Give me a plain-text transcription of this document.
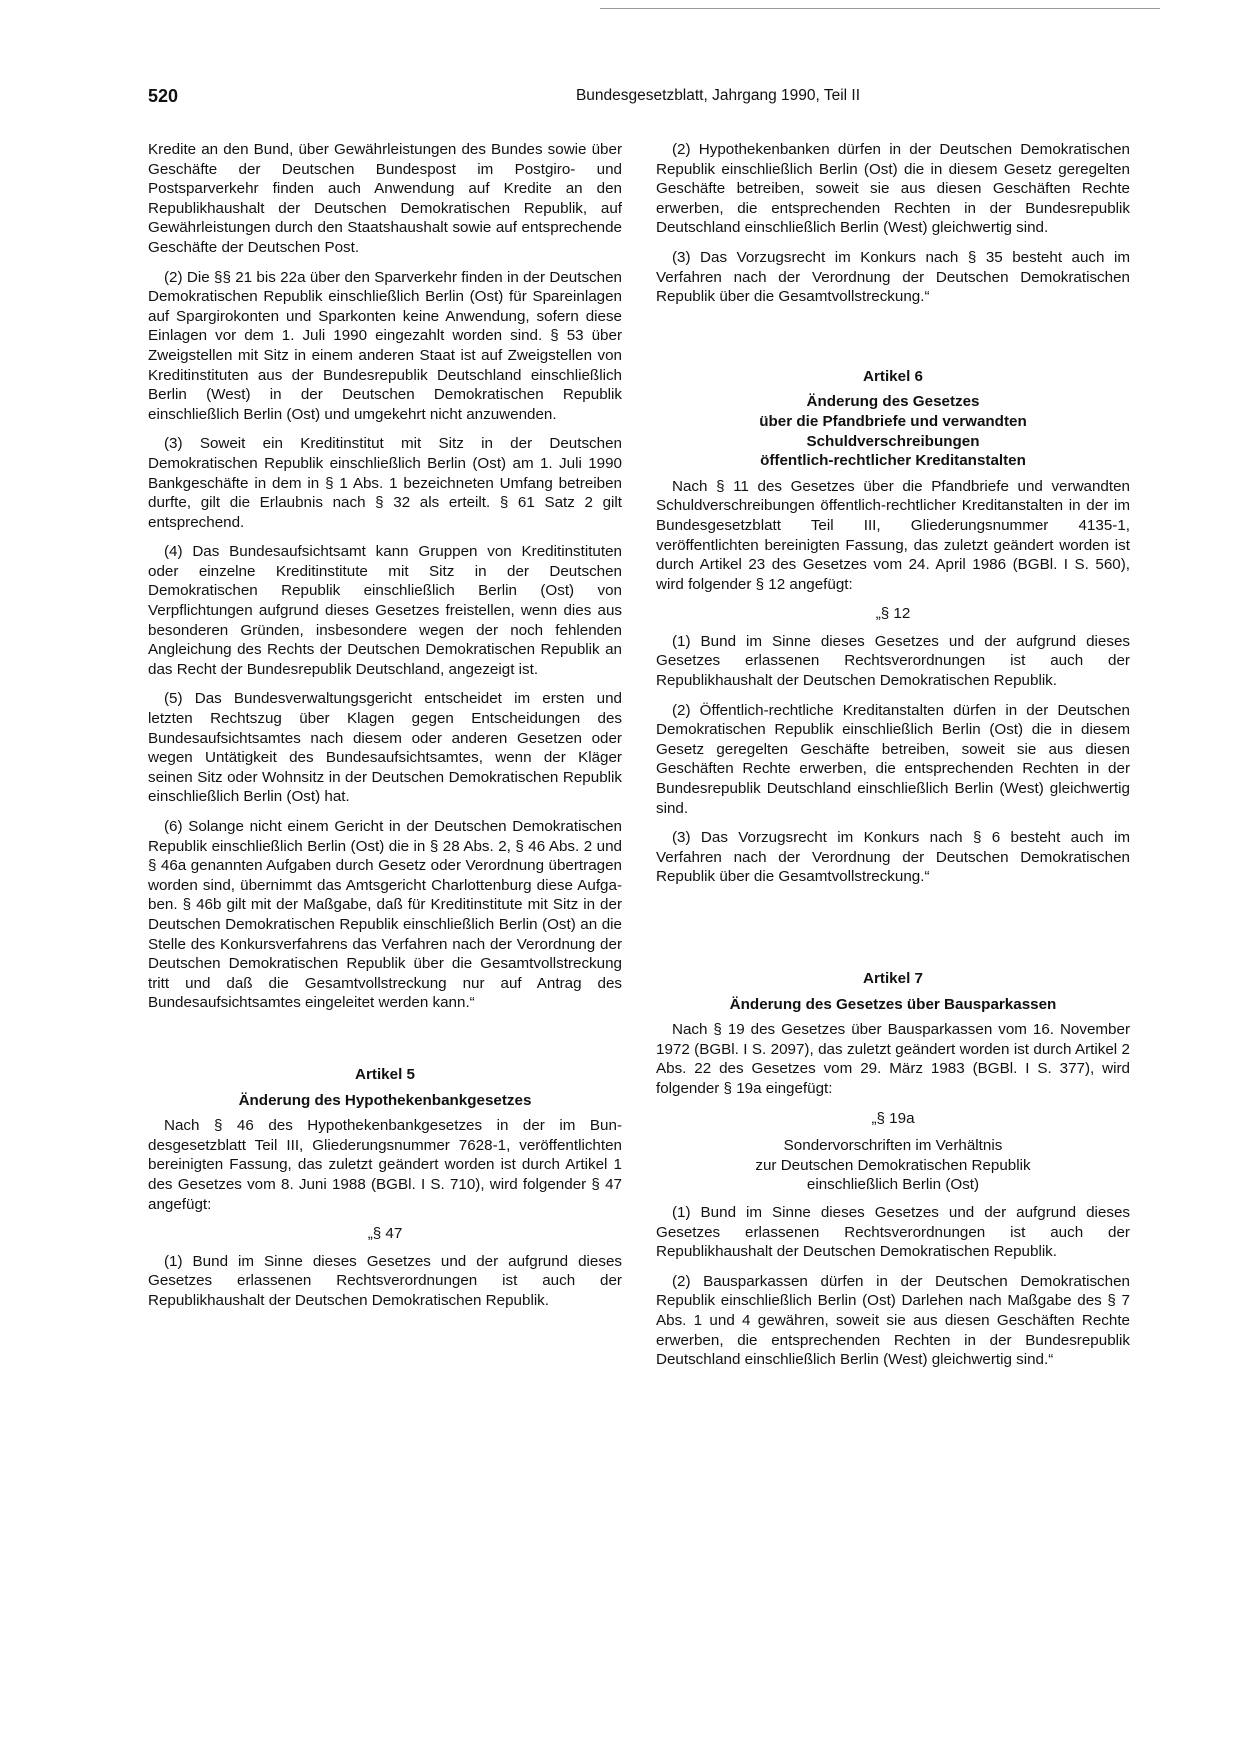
520	Bundesgesetzblatt, Jahrgang 1990, Teil II

Kredite an den Bund, über Gewährleistungen des Bundes sowie über Geschäfte der Deutschen Bundespost im Postgiro- und Postsparverkehr finden auch Anwendung auf Kredite an den Republikhaushalt der Deutschen Demokratischen Republik, auf Gewährleistungen durch den Staatshaushalt sowie auf entsprechende Geschäfte der Deutschen Post.

(2) Die §§ 21 bis 22a über den Sparverkehr finden in der Deutschen Demokratischen Republik einschließlich Berlin (Ost) für Spareinlagen auf Spargirokonten und Sparkonten keine Anwendung, sofern diese Einlagen vor dem 1. Juli 1990 eingezahlt worden sind. § 53 über Zweigstellen mit Sitz in einem anderen Staat ist auf Zweigstellen von Kreditinstituten aus der Bundesrepublik Deutschland einschließlich Berlin (West) in der Deutschen Demokratischen Republik einschließlich Berlin (Ost) und umgekehrt nicht anzuwenden.

(3) Soweit ein Kreditinstitut mit Sitz in der Deutschen Demokratischen Republik einschließlich Berlin (Ost) am 1. Juli 1990 Bankgeschäfte in dem in § 1 Abs. 1 bezeichneten Umfang betreiben durfte, gilt die Erlaubnis nach § 32 als erteilt. § 61 Satz 2 gilt entsprechend.

(4) Das Bundesaufsichtsamt kann Gruppen von Kreditinstituten oder einzelne Kreditinstitute mit Sitz in der Deutschen Demokratischen Republik einschließlich Berlin (Ost) von Verpflichtungen aufgrund dieses Gesetzes freistellen, wenn dies aus besonderen Gründen, insbesondere wegen der noch fehlenden Angleichung des Rechts der Deutschen Demokratischen Republik an das Recht der Bundesrepublik Deutschland, angezeigt ist.

(5) Das Bundesverwaltungsgericht entscheidet im ersten und letzten Rechtszug über Klagen gegen Entscheidungen des Bundesaufsichtsamtes nach diesem oder anderen Gesetzen oder wegen Untätigkeit des Bundesaufsichtsamtes, wenn der Kläger seinen Sitz oder Wohnsitz in der Deutschen Demokratischen Republik einschließlich Berlin (Ost) hat.

(6) Solange nicht einem Gericht in der Deutschen Demokratischen Republik einschließlich Berlin (Ost) die in § 28 Abs. 2, § 46 Abs. 2 und § 46a genannten Aufgaben durch Gesetz oder Verordnung übertragen worden sind, übernimmt das Amtsgericht Charlottenburg diese Aufgaben. § 46b gilt mit der Maßgabe, daß für Kreditinstitute mit Sitz in der Deutschen Demokratischen Republik einschließlich Berlin (Ost) an die Stelle des Konkursverfahrens das Verfahren nach der Verordnung der Deutschen Demokratischen Republik über die Gesamtvollstreckung tritt und daß die Gesamtvollstreckung nur auf Antrag des Bundesaufsichtsamtes eingeleitet werden kann.“

Artikel 5
Änderung des Hypothekenbankgesetzes

Nach § 46 des Hypothekenbankgesetzes in der im Bundesgesetzblatt Teil III, Gliederungsnummer 7628-1, veröffentlichten bereinigten Fassung, das zuletzt geändert worden ist durch Artikel 1 des Gesetzes vom 8. Juni 1988 (BGBl. I S. 710), wird folgender § 47 angefügt:

„§ 47

(1) Bund im Sinne dieses Gesetzes und der aufgrund dieses Gesetzes erlassenen Rechtsverordnungen ist auch der Republikhaushalt der Deutschen Demokratischen Republik.

(2) Hypothekenbanken dürfen in der Deutschen Demokratischen Republik einschließlich Berlin (Ost) die in diesem Gesetz geregelten Geschäfte betreiben, soweit sie aus diesen Geschäften Rechte erwerben, die entsprechenden Rechten in der Bundesrepublik Deutschland einschließlich Berlin (West) gleichwertig sind.

(3) Das Vorzugsrecht im Konkurs nach § 35 besteht auch im Verfahren nach der Verordnung der Deutschen Demokratischen Republik über die Gesamtvollstreckung.“

Artikel 6
Änderung des Gesetzes
über die Pfandbriefe und verwandten
Schuldverschreibungen
öffentlich-rechtlicher Kreditanstalten

Nach § 11 des Gesetzes über die Pfandbriefe und verwandten Schuldverschreibungen öffentlich-rechtlicher Kreditanstalten in der im Bundesgesetzblatt Teil III, Gliederungsnummer 4135-1, veröffentlichten bereinigten Fassung, das zuletzt geändert worden ist durch Artikel 23 des Gesetzes vom 24. April 1986 (BGBl. I S. 560), wird folgender § 12 angefügt:

„§ 12

(1) Bund im Sinne dieses Gesetzes und der aufgrund dieses Gesetzes erlassenen Rechtsverordnungen ist auch der Republikhaushalt der Deutschen Demokratischen Republik.

(2) Öffentlich-rechtliche Kreditanstalten dürfen in der Deutschen Demokratischen Republik einschließlich Berlin (Ost) die in diesem Gesetz geregelten Geschäfte betreiben, soweit sie aus diesen Geschäften Rechte erwerben, die entsprechenden Rechten in der Bundesrepublik Deutschland einschließlich Berlin (West) gleichwertig sind.

(3) Das Vorzugsrecht im Konkurs nach § 6 besteht auch im Verfahren nach der Verordnung der Deutschen Demokratischen Republik über die Gesamtvollstreckung.“

Artikel 7
Änderung des Gesetzes über Bausparkassen

Nach § 19 des Gesetzes über Bausparkassen vom 16. November 1972 (BGBl. I S. 2097), das zuletzt geändert worden ist durch Artikel 2 Abs. 22 des Gesetzes vom 29. März 1983 (BGBl. I S. 377), wird folgender § 19a eingefügt:

„§ 19a

Sondervorschriften im Verhältnis
zur Deutschen Demokratischen Republik
einschließlich Berlin (Ost)

(1) Bund im Sinne dieses Gesetzes und der aufgrund dieses Gesetzes erlassenen Rechtsverordnungen ist auch der Republikhaushalt der Deutschen Demokratischen Republik.

(2) Bausparkassen dürfen in der Deutschen Demokratischen Republik einschließlich Berlin (Ost) Darlehen nach Maßgabe des § 7 Abs. 1 und 4 gewähren, soweit sie aus diesen Geschäften Rechte erwerben, die entsprechenden Rechten in der Bundesrepublik Deutschland einschließlich Berlin (West) gleichwertig sind.“
